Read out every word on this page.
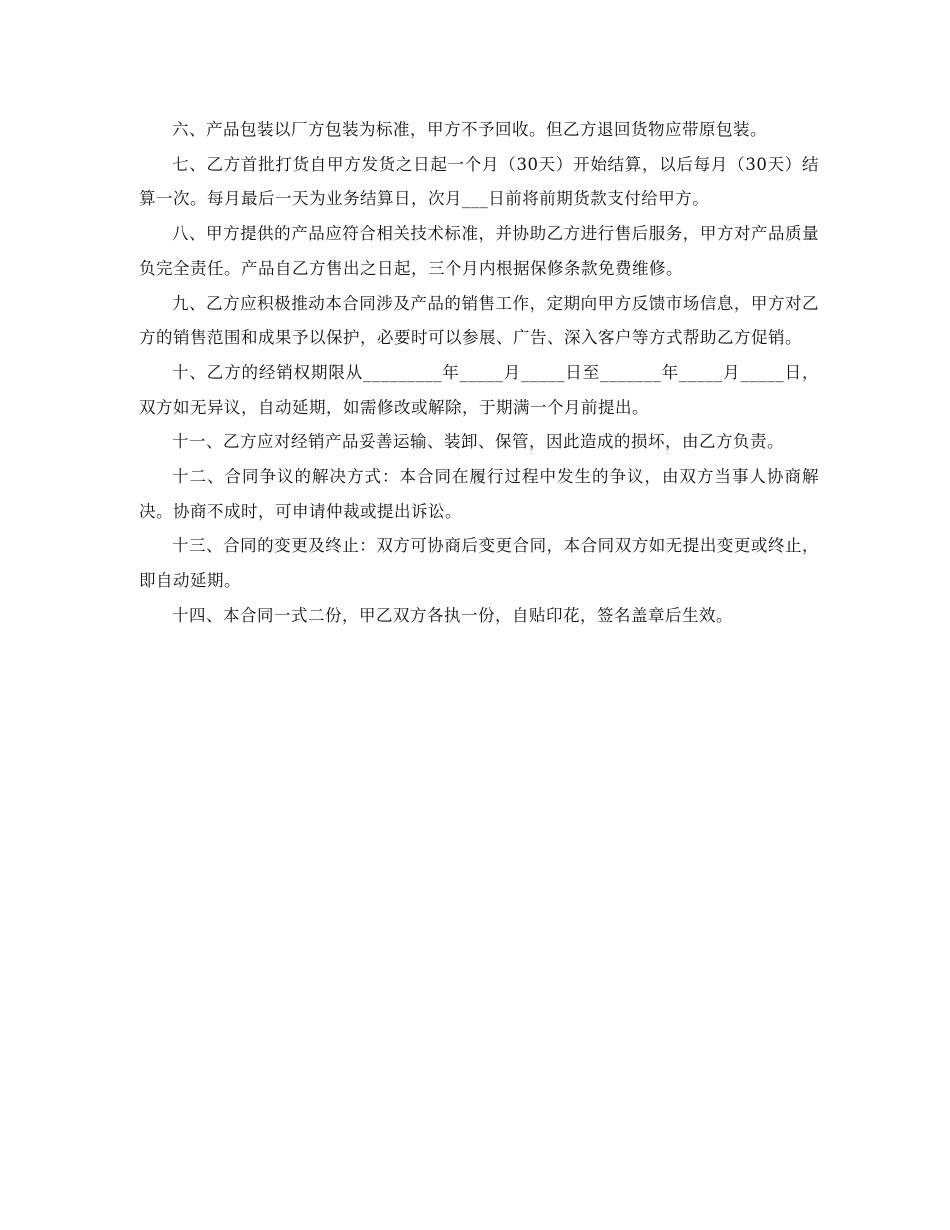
六、产品包装以厂方包装为标准，甲方不予回收。但乙方退回货物应带原包装。

七、乙方首批打货自甲方发货之日起一个月（30天）开始结算，以后每月（30天）结算一次。每月最后一天为业务结算日，次月___日前将前期货款支付给甲方。

八、甲方提供的产品应符合相关技术标准，并协助乙方进行售后服务，甲方对产品质量负完全责任。产品自乙方售出之日起，三个月内根据保修条款免费维修。

九、乙方应积极推动本合同涉及产品的销售工作，定期向甲方反馈市场信息，甲方对乙方的销售范围和成果予以保护，必要时可以参展、广告、深入客户等方式帮助乙方促销。

十、乙方的经销权期限从_________年_____月_____日至_______年_____月_____日，双方如无异议，自动延期，如需修改或解除，于期满一个月前提出。

十一、乙方应对经销产品妥善运输、装卸、保管，因此造成的损坏，由乙方负责。

十二、合同争议的解决方式：本合同在履行过程中发生的争议，由双方当事人协商解决。协商不成时，可申请仲裁或提出诉讼。

十三、合同的变更及终止：双方可协商后变更合同，本合同双方如无提出变更或终止，即自动延期。

十四、本合同一式二份，甲乙双方各执一份，自贴印花，签名盖章后生效。
